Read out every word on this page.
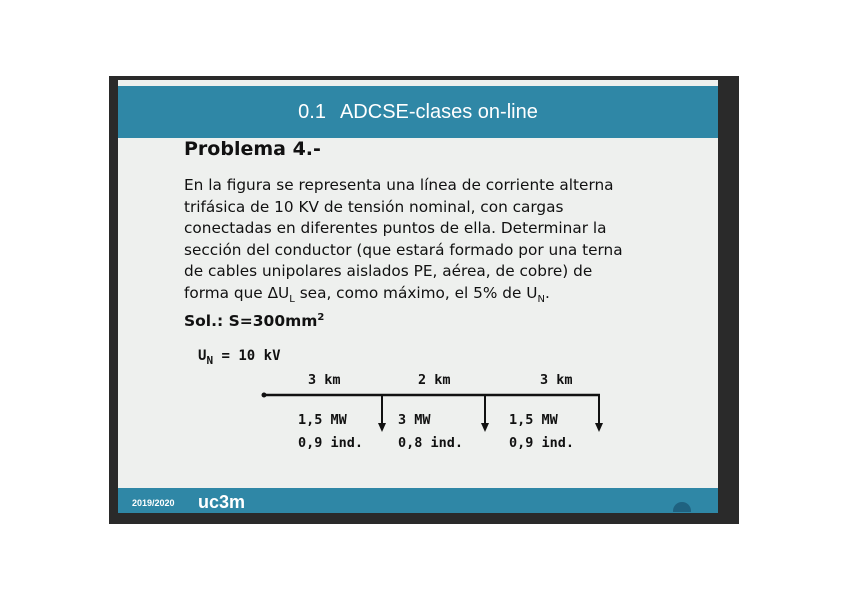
0.1 ADCSE-clases on-line
Problema 4.-
En la figura se representa una línea de corriente alterna
trifásica de 10 KV de tensión nominal, con cargas
conectadas en diferentes puntos de ella. Determinar la
sección del conductor (que estará formado por una terna
de cables unipolares aislados PE, aérea, de cobre) de
forma que $\Delta U_L$ sea, como máximo, el 5% de $U_N$.
Sol.: $S=300mm^2$
$U_N = 10$ kV
3 km	2 km	3 km
1,5 MW
0,9 ind.
3 MW
0,8 ind.
1,5 MW
0,9 ind.
2019/2020 uc3m
